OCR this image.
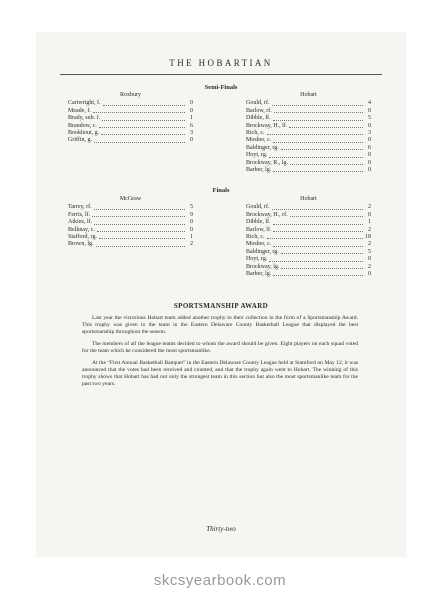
THE HOBARTIAN
Semi-Finals
Roxbury
Cartwright, f.	0
Meade, f.	0
Brady, sub. f.	1
Brandow, c.	6
Bookhout, g.	3
Griffin, g.	0
Hobart
Gould, rf.	4
Barlow, rf.	0
Dibble, lf.	5
Brockway, H., lf.	0
Rich, c.	3
Mosher, c.	0
Baldinger, rg.	6
Hoyt, rg.	0
Brockway, R., lg.	0
Barber, lg.	0
Finals
McGraw
Tarrey, rf.	5
Ferris, lf.	9
Atkins, lf.	0
Belknay, c.	0
Stafford, rg.	1
Brown, lg.	2
Hobart
Gould, rf.	2
Brockway, H., rf.	0
Dibble, lf.	1
Barlow, lf.	2
Rich, c.	18
Mosher, c.	2
Baldinger, rg.	5
Hoyt, rg.	0
Brockway, lg.	2
Barber, lg.	0
SPORTSMANSHIP AWARD

Last year the victorious Hobart team added another trophy to their collection in the form of a Sportsmanship Award. This trophy was given to the team in the Eastern Delaware County Basketball League that displayed the best sportsmanship throughout the season.

The members of all the league teams decided to whom the award should be given. Eight players on each squad voted for the team which he considered the most sportsmanlike.

At the “First Annual Basketball Banquet” in the Eastern Delaware County League held at Stamford on May 12, it was announced that the votes had been received and counted, and that the trophy again went to Hobart. The winning of this trophy shows that Hobart has had not only the strongest team in this section but also the most sportsmanlike team for the past two years.

Thirty-two
skcsyearbook.com
